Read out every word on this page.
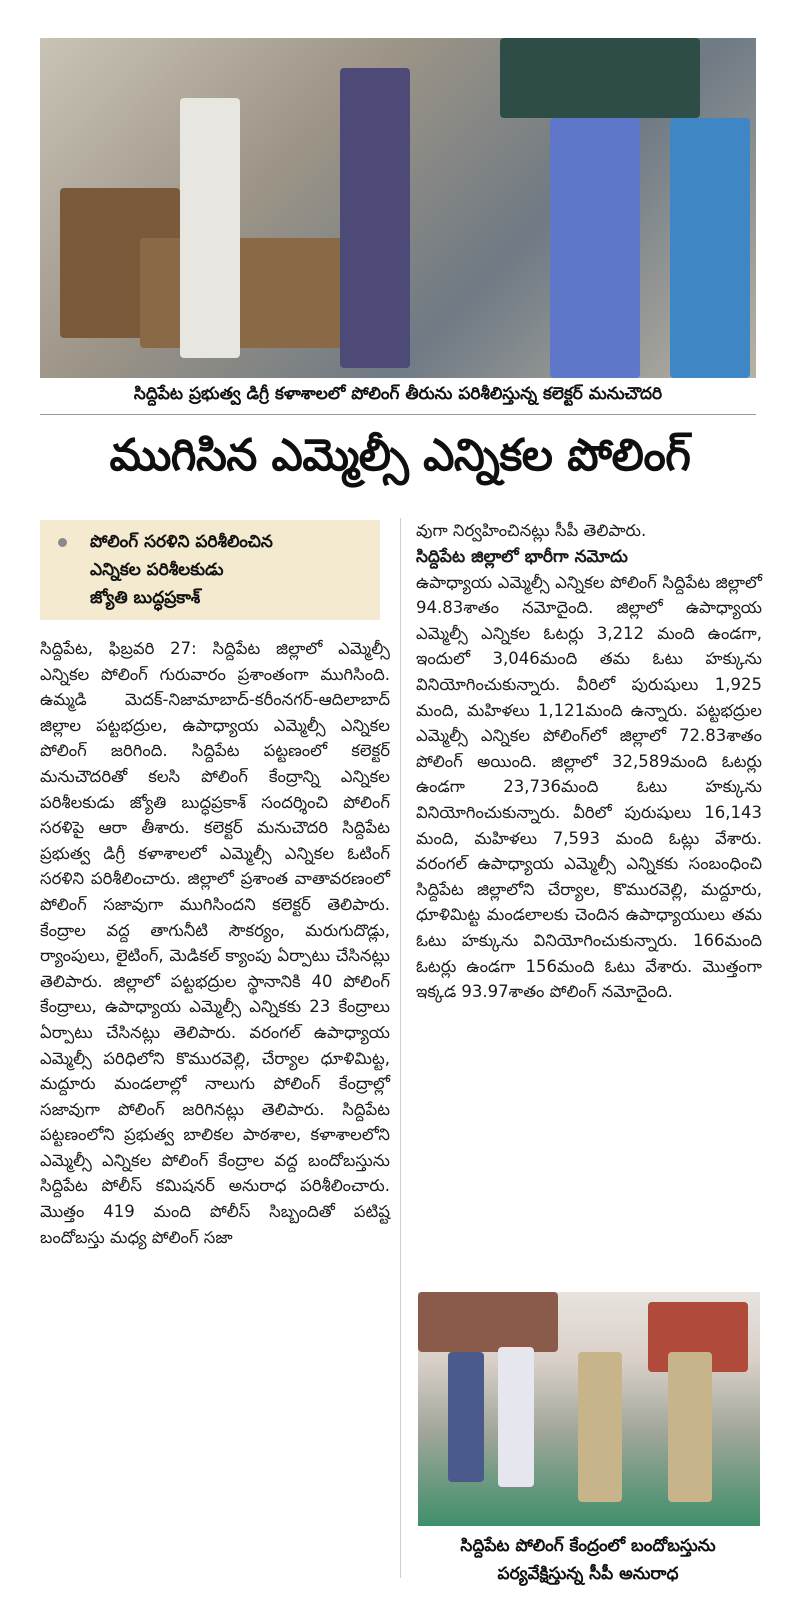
సిద్దిపేట ప్రభుత్వ డిగ్రీ కళాశాలలో పోలింగ్ తీరును పరిశీలిస్తున్న కలెక్టర్ మనుచౌదరి
ముగిసిన ఎమ్మెల్సీ ఎన్నికల పోలింగ్
పోలింగ్ సరళిని పరిశీలించిన
ఎన్నికల పరిశీలకుడు
జ్యోతి బుద్ధప్రకాశ్

సిద్దిపేట, ఫిబ్రవరి 27: సిద్దిపేట జిల్లాలో ఎమ్మెల్సీ ఎన్నికల పోలింగ్ గురువారం ప్రశాంతంగా ముగిసింది. ఉమ్మడి మెదక్-నిజామాబాద్-కరీంనగర్-ఆదిలాబాద్ జిల్లాల పట్టభద్రుల, ఉపాధ్యాయ ఎమ్మెల్సీ ఎన్నికల పోలింగ్ జరిగింది. సిద్దిపేట పట్టణంలో కలెక్టర్ మనుచౌదరితో కలసి పోలింగ్ కేంద్రాన్ని ఎన్నికల పరిశీలకుడు జ్యోతి బుద్ధప్రకాశ్ సందర్శించి పోలింగ్ సరళిపై ఆరా తీశారు. కలెక్టర్ మనుచౌదరి సిద్దిపేట ప్రభుత్వ డిగ్రీ కళాశాలలో ఎమ్మెల్సీ ఎన్నికల ఓటింగ్ సరళిని పరిశీలించారు. జిల్లాలో ప్రశాంత వాతావరణంలో పోలింగ్ సజావుగా ముగిసిందని కలెక్టర్ తెలిపారు. కేంద్రాల వద్ద తాగునీటి సౌకర్యం, మరుగుదొడ్లు, ర్యాంపులు, లైటింగ్, మెడికల్ క్యాంపు ఏర్పాటు చేసినట్లు తెలిపారు. జిల్లాలో పట్టభద్రుల స్థానానికి 40 పోలింగ్ కేంద్రాలు, ఉపాధ్యాయ ఎమ్మెల్సీ ఎన్నికకు 23 కేంద్రాలు ఏర్పాటు చేసినట్లు తెలిపారు. వరంగల్ ఉపాధ్యాయ ఎమ్మెల్సీ పరిధిలోని కొమురవెల్లి, చేర్యాల ధూళిమిట్ట, మద్దూరు మండలాల్లో నాలుగు పోలింగ్ కేంద్రాల్లో సజావుగా పోలింగ్ జరిగినట్లు తెలిపారు. సిద్దిపేట పట్టణంలోని ప్రభుత్వ బాలికల పాఠశాల, కళాశాలలోని ఎమ్మెల్సీ ఎన్నికల పోలింగ్ కేంద్రాల వద్ద బందోబస్తును సిద్దిపేట పోలీస్ కమిషనర్ అనురాధ పరిశీలించారు. మొత్తం 419 మంది పోలీస్ సిబ్బందితో పటిష్ట బందోబస్తు మధ్య పోలింగ్ సజా

వుగా నిర్వహించినట్లు సీపీ తెలిపారు.

సిద్దిపేట జిల్లాలో భారీగా నమోదు

ఉపాధ్యాయ ఎమ్మెల్సీ ఎన్నికల పోలింగ్ సిద్దిపేట జిల్లాలో 94.83శాతం నమోదైంది. జిల్లాలో ఉపాధ్యాయ ఎమ్మెల్సీ ఎన్నికల ఓటర్లు 3,212 మంది ఉండగా, ఇందులో 3,046మంది తమ ఓటు హక్కును వినియోగించుకున్నారు. వీరిలో పురుషులు 1,925 మంది, మహిళలు 1,121మంది ఉన్నారు. పట్టభద్రుల ఎమ్మెల్సీ ఎన్నికల పోలింగ్‌లో జిల్లాలో 72.83శాతం పోలింగ్ అయింది. జిల్లాలో 32,589మంది ఓటర్లు ఉండగా 23,736మంది ఓటు హక్కును వినియోగించుకున్నారు. వీరిలో పురుషులు 16,143 మంది, మహిళలు 7,593 మంది ఓట్లు వేశారు. వరంగల్ ఉపాధ్యాయ ఎమ్మెల్సీ ఎన్నికకు సంబంధించి సిద్దిపేట జిల్లాలోని చేర్యాల, కొమురవెల్లి, మద్దూరు, ధూళిమిట్ట మండలాలకు చెందిన ఉపాధ్యాయులు తమ ఓటు హక్కును వినియోగించుకున్నారు. 166మంది ఓటర్లు ఉండగా 156మంది ఓటు వేశారు. మొత్తంగా ఇక్కడ 93.97శాతం పోలింగ్ నమోదైంది.

సిద్దిపేట పోలింగ్ కేంద్రంలో బందోబస్తును
పర్యవేక్షిస్తున్న సీపీ అనురాధ
